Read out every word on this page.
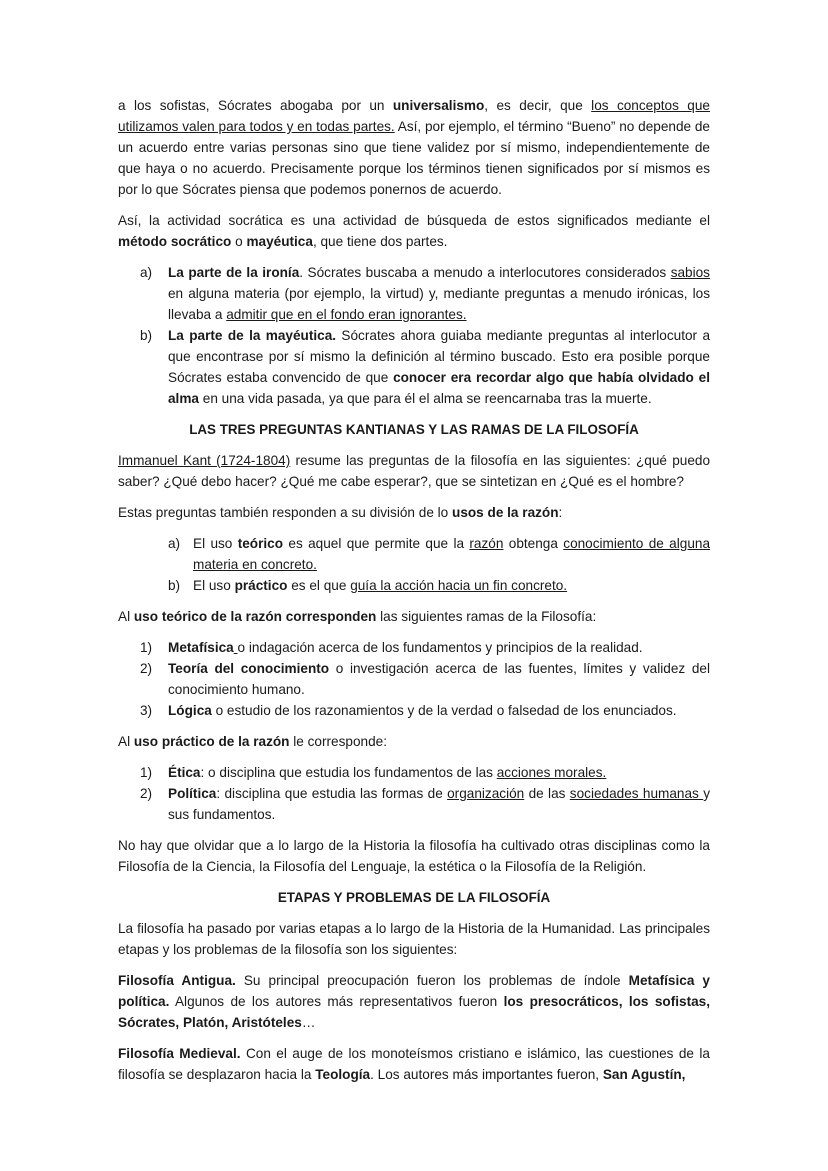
a los sofistas, Sócrates abogaba por un universalismo, es decir, que los conceptos que utilizamos valen para todos y en todas partes. Así, por ejemplo, el término “Bueno” no depende de un acuerdo entre varias personas sino que tiene validez por sí mismo, independientemente de que haya o no acuerdo. Precisamente porque los términos tienen significados por sí mismos es por lo que Sócrates piensa que podemos ponernos de acuerdo.

Así, la actividad socrática es una actividad de búsqueda de estos significados mediante el método socrático o mayéutica, que tiene dos partes.

a) La parte de la ironía. Sócrates buscaba a menudo a interlocutores considerados sabios en alguna materia (por ejemplo, la virtud) y, mediante preguntas a menudo irónicas, los llevaba a admitir que en el fondo eran ignorantes.
b) La parte de la mayéutica. Sócrates ahora guiaba mediante preguntas al interlocutor a que encontrase por sí mismo la definición al término buscado. Esto era posible porque Sócrates estaba convencido de que conocer era recordar algo que había olvidado el alma en una vida pasada, ya que para él el alma se reencarnaba tras la muerte.
LAS TRES PREGUNTAS KANTIANAS Y LAS RAMAS DE LA FILOSOFÍA

Immanuel Kant (1724-1804) resume las preguntas de la filosofía en las siguientes: ¿qué puedo saber? ¿Qué debo hacer? ¿Qué me cabe esperar?, que se sintetizan en ¿Qué es el hombre?

Estas preguntas también responden a su división de lo usos de la razón:

a) El uso teórico es aquel que permite que la razón obtenga conocimiento de alguna materia en concreto.
b) El uso práctico es el que guía la acción hacia un fin concreto.

Al uso teórico de la razón corresponden las siguientes ramas de la Filosofía:

1) Metafísica o indagación acerca de los fundamentos y principios de la realidad.
2) Teoría del conocimiento o investigación acerca de las fuentes, límites y validez del conocimiento humano.
3) Lógica o estudio de los razonamientos y de la verdad o falsedad de los enunciados.

Al uso práctico de la razón le corresponde:

1) Ética: o disciplina que estudia los fundamentos de las acciones morales.
2) Política: disciplina que estudia las formas de organización de las sociedades humanas y sus fundamentos.

No hay que olvidar que a lo largo de la Historia la filosofía ha cultivado otras disciplinas como la Filosofía de la Ciencia, la Filosofía del Lenguaje, la estética o la Filosofía de la Religión.

ETAPAS Y PROBLEMAS DE LA FILOSOFÍA

La filosofía ha pasado por varias etapas a lo largo de la Historia de la Humanidad. Las principales etapas y los problemas de la filosofía son los siguientes:

Filosofía Antigua. Su principal preocupación fueron los problemas de índole Metafísica y política. Algunos de los autores más representativos fueron los presocráticos, los sofistas, Sócrates, Platón, Aristóteles…

Filosofía Medieval. Con el auge de los monoteísmos cristiano e islámico, las cuestiones de la filosofía se desplazaron hacia la Teología. Los autores más importantes fueron, San Agustín,
